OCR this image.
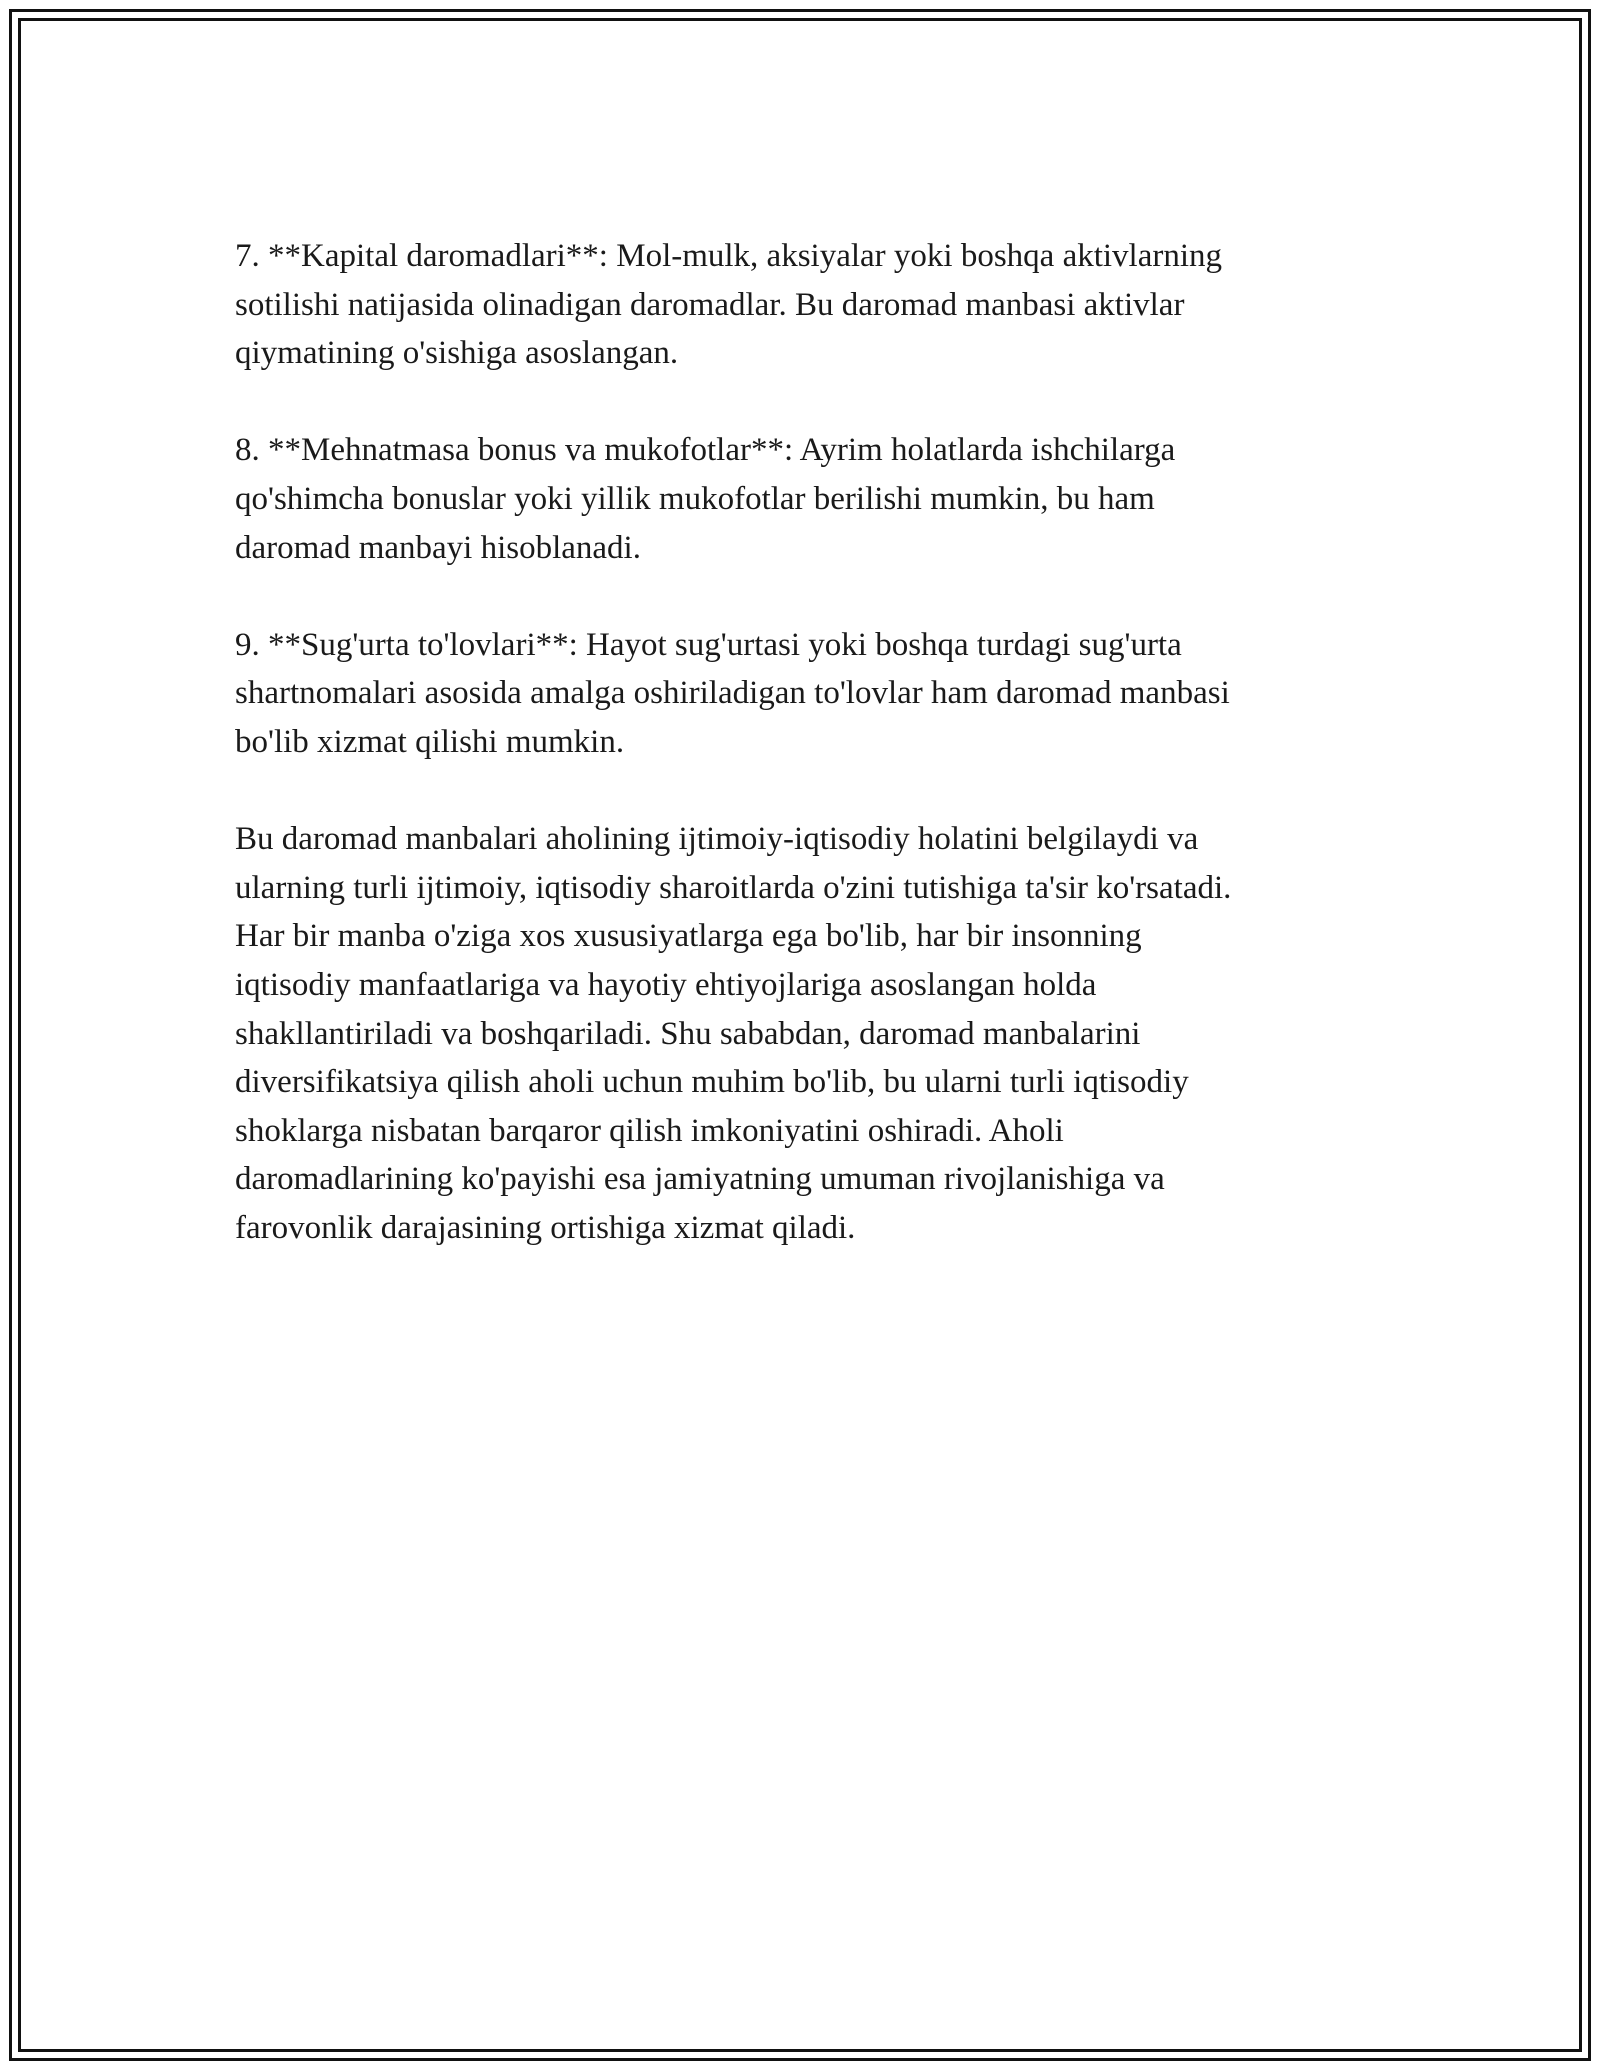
7. **Kapital daromadlari**: Mol-mulk, aksiyalar yoki boshqa aktivlarning
sotilishi natijasida olinadigan daromadlar. Bu daromad manbasi aktivlar
qiymatining o'sishiga asoslangan.

8. **Mehnatmasa bonus va mukofotlar**: Ayrim holatlarda ishchilarga
qo'shimcha bonuslar yoki yillik mukofotlar berilishi mumkin, bu ham
daromad manbayi hisoblanadi.

9. **Sug'urta to'lovlari**: Hayot sug'urtasi yoki boshqa turdagi sug'urta
shartnomalari asosida amalga oshiriladigan to'lovlar ham daromad manbasi
bo'lib xizmat qilishi mumkin.

Bu daromad manbalari aholining ijtimoiy-iqtisodiy holatini belgilaydi va
ularning turli ijtimoiy, iqtisodiy sharoitlarda o'zini tutishiga ta'sir ko'rsatadi.
Har bir manba o'ziga xos xususiyatlarga ega bo'lib, har bir insonning
iqtisodiy manfaatlariga va hayotiy ehtiyojlariga asoslangan holda
shakllantiriladi va boshqariladi. Shu sababdan, daromad manbalarini
diversifikatsiya qilish aholi uchun muhim bo'lib, bu ularni turli iqtisodiy
shoklarga nisbatan barqaror qilish imkoniyatini oshiradi. Aholi
daromadlarining ko'payishi esa jamiyatning umuman rivojlanishiga va
farovonlik darajasining ortishiga xizmat qiladi.
